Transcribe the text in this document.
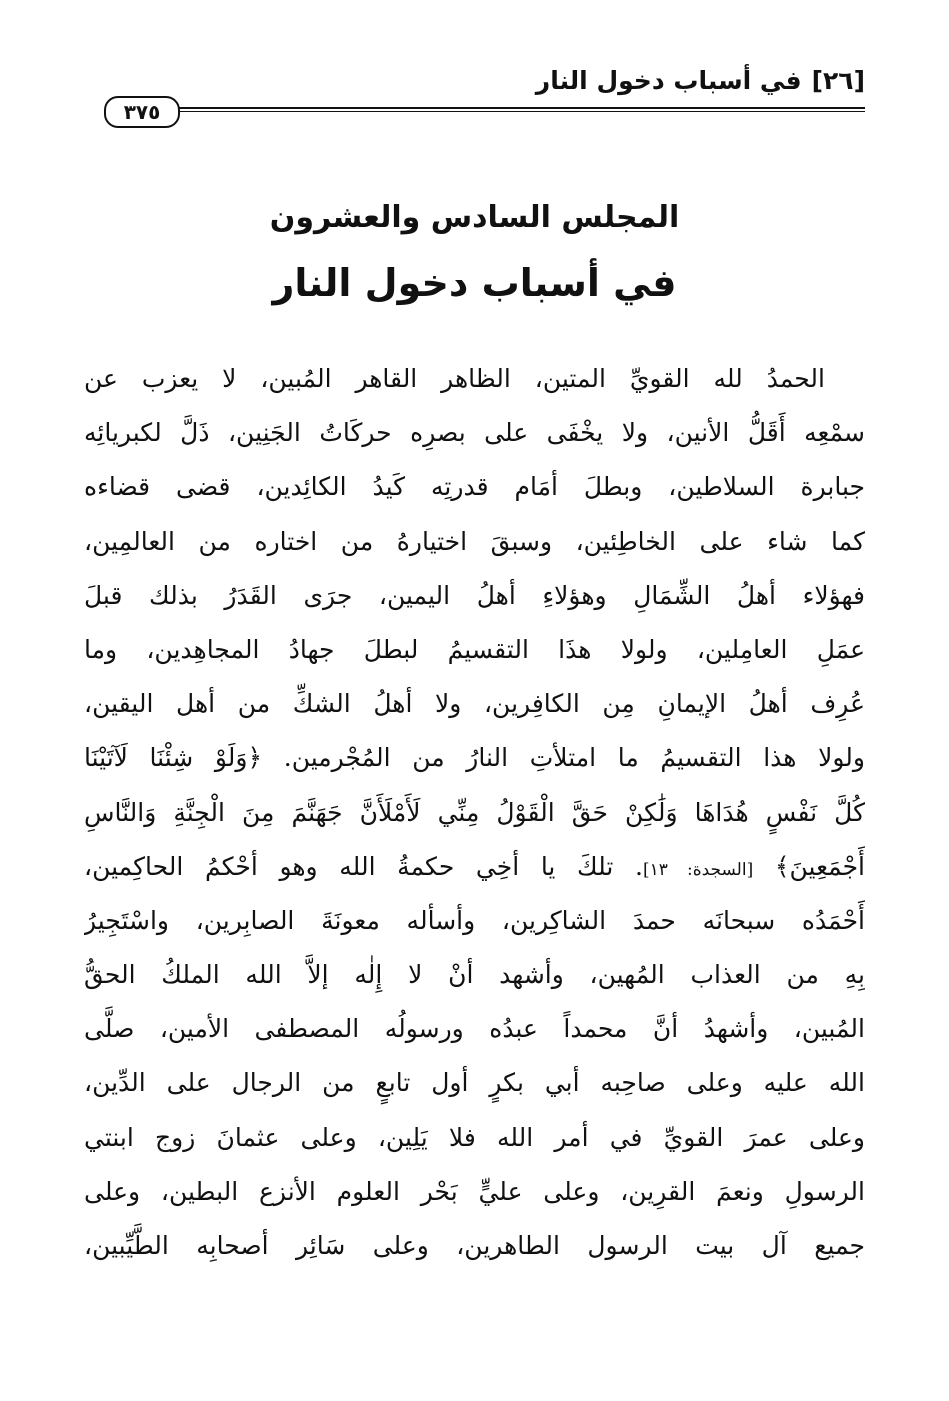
[٢٦]في أسباب دخول النار
٣٧٥
المجلس السادس والعشرون
في أسباب دخول النار
الحمدُ لله القويِّ المتين، الظاهر القاهر المُبين، لا يعزب عن
سمْعِه أَقَلُّ الأنين، ولا يخْفَى على بصرِه حركَاتُ الجَنِين، ذَلَّ لكبريائِه
جبابرة السلاطين، وبطلَ أمَام قدرتِه كَيدُ الكائِدين، قضى قضاءه
كما شاء على الخاطِئين، وسبقَ اختيارهُ من اختاره من العالمِين،
فهؤلاء أهلُ الشِّمَالِ وهؤلاءِ أهلُ اليمين، جرَى القَدَرُ بذلك قبلَ
عمَلِ العامِلين، ولولا هذَا التقسيمُ لبطلَ جهادُ المجاهِدين، وما
عُرِف أهلُ الإيمانِ مِن الكافِرين، ولا أهلُ الشكِّ من أهل اليقين،
ولولا هذا التقسيمُ ما امتلأتِ النارُ من المُجْرمين. ﴿وَلَوْ شِئْنَا لَآتَيْنَا
كُلَّ نَفْسٍ هُدَاهَا وَلَٰكِنْ حَقَّ الْقَوْلُ مِنِّي لَأَمْلَأَنَّ جَهَنَّمَ مِنَ الْجِنَّةِ وَالنَّاسِ
أَجْمَعِينَ﴾ [السجدة: ١٣]. تلكَ يا أخِي حكمةُ الله وهو أحْكمُ الحاكِمين،
أَحْمَدُه سبحانَه حمدَ الشاكِرين، وأسأله معونَةَ الصابِرين، واسْتَجِيرُ
بِهِ من العذاب المُهين، وأشهد أنْ لا إِلٰه إلاَّ الله الملكُ الحقُّ
المُبين، وأشهدُ أنَّ محمداً عبدُه ورسولُه المصطفى الأمين، صلَّى
الله عليه وعلى صاحِبه أبي بكرٍ أول تابعٍ من الرجال على الدِّين،
وعلى عمرَ القويِّ في أمر الله فلا يَلِين، وعلى عثمانَ زوج ابنتي
الرسولِ ونعمَ القرِين، وعلى عليٍّ بَحْر العلوم الأنزع البطين، وعلى
جميع آل بيت الرسول الطاهرين، وعلى سَائِر أصحابِه الطَّيِّبين،
